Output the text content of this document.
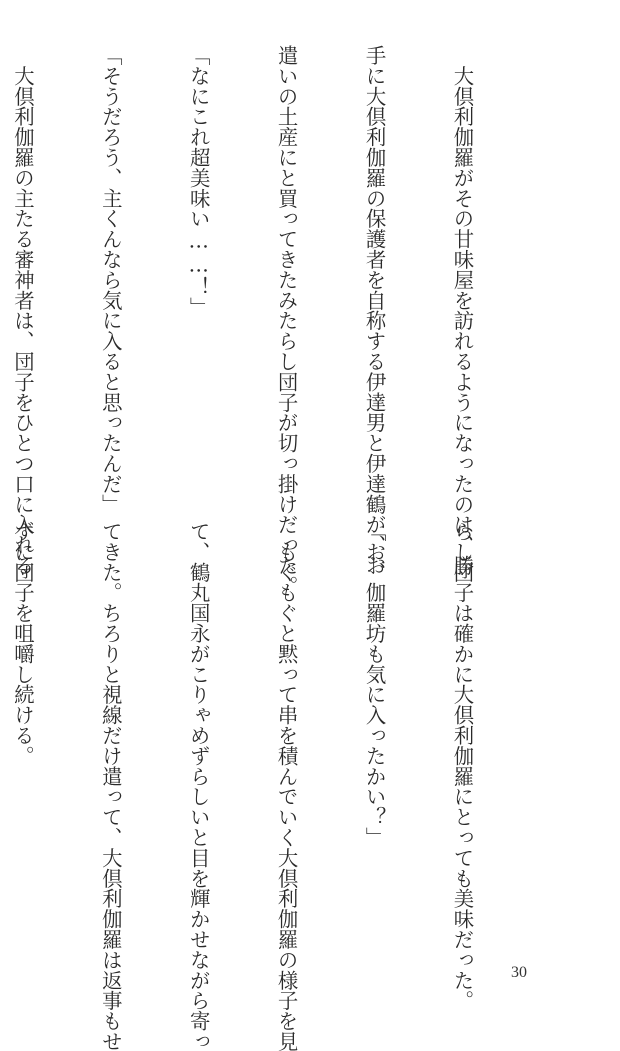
　大倶利伽羅がその甘味屋を訪れるようになったのは、勝

手に大倶利伽羅の保護者を自称する伊達男と伊達鶴が、お

遣いの土産にと買ってきたみたらし団子が切っ掛けだった。

「なにこれ超美味い……！」

「そうだろう、主くんなら気に入ると思ったんだ」

　大倶利伽羅の主たる審神者は、団子をひとつ口に入れる

らし団子は確かに大倶利伽羅にとっても美味だった。

「お、伽羅坊も気に入ったかい？」

　もぐもぐと黙って串を積んでいく大倶利伽羅の様子を見

て、鶴丸国永がこりゃめずらしいと目を輝かせながら寄っ

てきた。ちろりと視線だけ遣って、大倶利伽羅は返事もせ

ずに団子を咀嚼し続ける。

30
